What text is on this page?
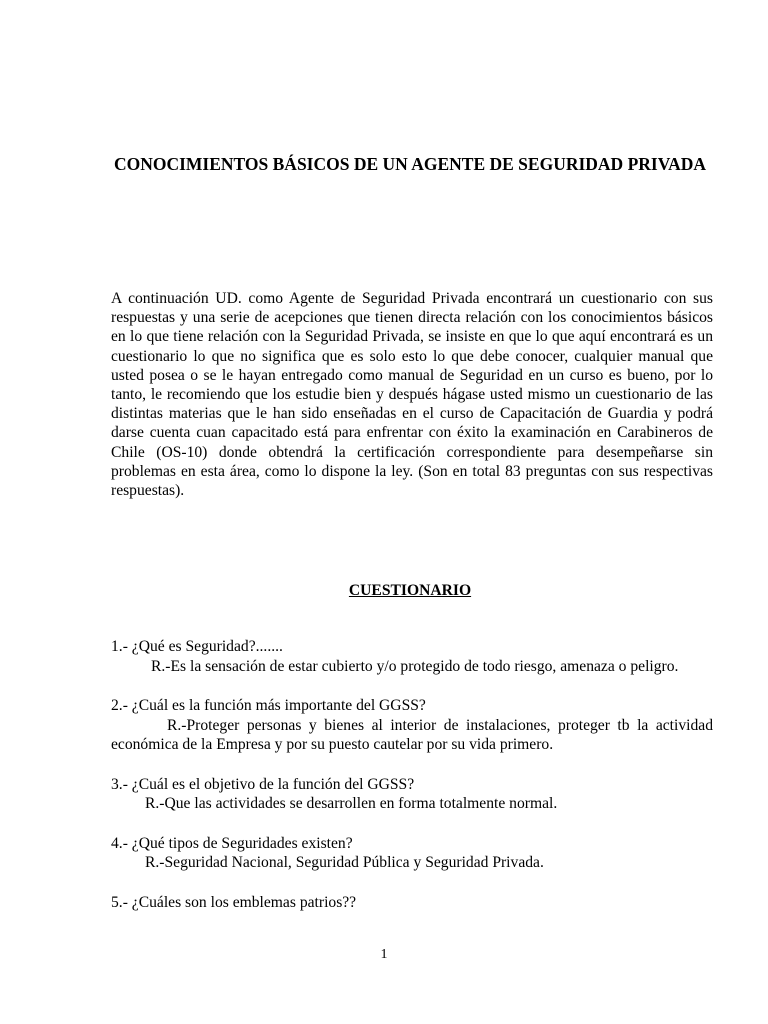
CONOCIMIENTOS BÁSICOS DE UN AGENTE DE SEGURIDAD PRIVADA

A continuación UD. como Agente de Seguridad Privada encontrará un cuestionario con sus respuestas y una serie de acepciones que tienen directa relación con los conocimientos básicos en lo que tiene relación con la Seguridad Privada, se insiste en que lo que aquí encontrará es un cuestionario lo que no significa que es solo esto lo que debe conocer, cualquier manual que usted posea o se le hayan entregado como manual de Seguridad en un curso es bueno, por lo tanto, le recomiendo que los estudie bien y después hágase usted mismo un cuestionario de las distintas materias que le han sido enseñadas en el curso de Capacitación de Guardia y podrá darse cuenta cuan capacitado está para enfrentar con éxito la examinación en Carabineros de Chile (OS-10) donde obtendrá la certificación correspondiente para desempeñarse sin problemas en esta área, como lo dispone la ley. (Son en total 83 preguntas con sus respectivas respuestas).

CUESTIONARIO
1.- ¿Qué es Seguridad?.......
R.-Es la sensación de estar cubierto y/o protegido de todo riesgo, amenaza o peligro.
2.- ¿Cuál es la función más importante del GGSS?
R.-Proteger personas y bienes al interior de instalaciones, proteger tb la actividad económica de la Empresa y por su puesto cautelar por su vida primero.
3.- ¿Cuál es el objetivo de la función del GGSS?
R.-Que las actividades se desarrollen en forma totalmente normal.
4.- ¿Qué tipos de Seguridades existen?
R.-Seguridad Nacional, Seguridad Pública y Seguridad Privada.
5.- ¿Cuáles son los emblemas patrios??
1
